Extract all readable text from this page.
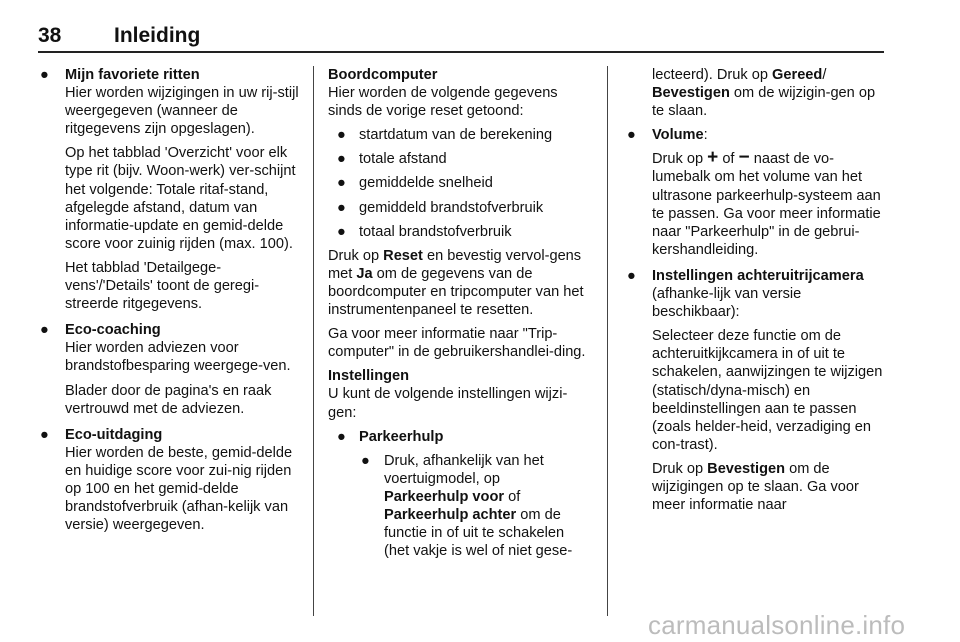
38	Inleiding
● Mijn favoriete ritten

Hier worden wijzigingen in uw rij-stijl weergegeven (wanneer de ritgegevens zijn opgeslagen).

Op het tabblad 'Overzicht' voor elk type rit (bijv. Woon-werk) ver-schijnt het volgende: Totale ritaf-stand, afgelegde afstand, datum van informatie-update en gemid-delde score voor zuinig rijden (max. 100).

Het tabblad 'Detailgege-vens'/'Details' toont de geregi-streerde ritgegevens.

● Eco-coaching

Hier worden adviezen voor brandstofbesparing weergege-ven.

Blader door de pagina's en raak vertrouwd met de adviezen.

● Eco-uitdaging

Hier worden de beste, gemid-delde en huidige score voor zui-nig rijden op 100 en het gemid-delde brandstofverbruik (afhan-kelijk van versie) weergegeven.

Boordcomputer

Hier worden de volgende gegevens sinds de vorige reset getoond:

● startdatum van de berekening
● totale afstand
● gemiddelde snelheid
● gemiddeld brandstofverbruik
● totaal brandstofverbruik

Druk op Reset en bevestig vervol-gens met Ja om de gegevens van de boordcomputer en tripcomputer van het instrumentenpaneel te resetten.

Ga voor meer informatie naar "Trip-computer" in de gebruikershandlei-ding.

Instellingen

U kunt de volgende instellingen wijzi-gen:

● Parkeerhulp
● Druk, afhankelijk van het voertuigmodel, op
Parkeerhulp voor of
Parkeerhulp achter om de functie in of uit te schakelen (het vakje is wel of niet gese-

lecteerd). Druk op Gereed/
Bevestigen om de wijzigin-gen op te slaan.

● Volume:

Druk op + of − naast de vo-lumebalk om het volume van het ultrasone parkeerhulp-systeem aan te passen. Ga voor meer informatie naar "Parkeerhulp" in de gebrui-kershandleiding.

● Instellingen achteruitrijcamera (afhanke-lijk van versie beschikbaar):

Selecteer deze functie om de achteruitkijkcamera in of uit te schakelen, aanwijzingen te wijzigen (statisch/dyna-misch) en beeldinstellingen aan te passen (zoals helder-heid, verzadiging en con-trast).

Druk op Bevestigen om de wijzigingen op te slaan. Ga voor meer informatie naar

carmanualsonline.info
